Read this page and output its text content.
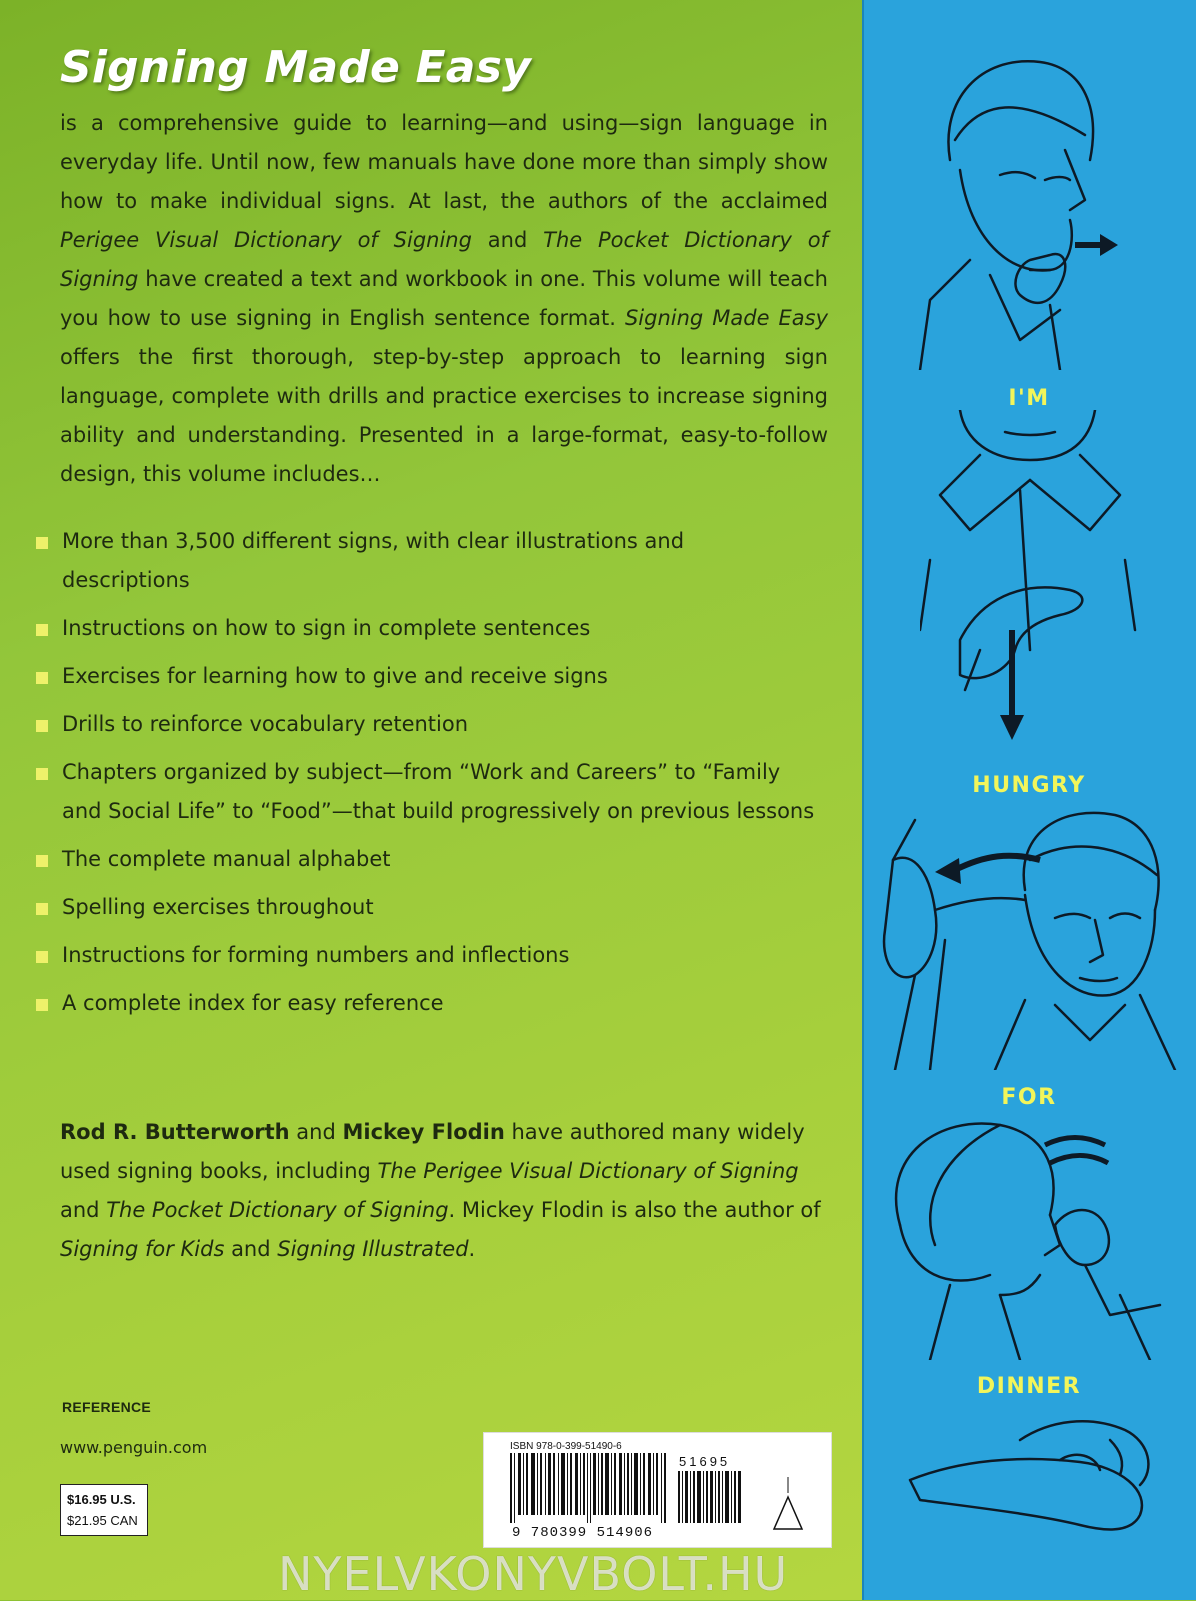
Signing Made Easy

is a comprehensive guide to learning—and using—sign language in everyday life. Until now, few manuals have done more than simply show how to make individual signs. At last, the authors of the acclaimed Perigee Visual Dictionary of Signing and The Pocket Dictionary of Signing have created a text and workbook in one. This volume will teach you how to use signing in English sentence format. Signing Made Easy offers the first thorough, step-by-step approach to learning sign language, complete with drills and practice exercises to increase signing ability and understanding. Presented in a large-format, easy-to-follow design, this volume includes…

More than 3,500 different signs, with clear illustrations and descriptions
Instructions on how to sign in complete sentences
Exercises for learning how to give and receive signs
Drills to reinforce vocabulary retention
Chapters organized by subject—from “Work and Careers” to “Family and Social Life” to “Food”—that build progressively on previous lessons
The complete manual alphabet
Spelling exercises throughout
Instructions for forming numbers and inflections
A complete index for easy reference

Rod R. Butterworth and Mickey Flodin have authored many widely used signing books, including The Perigee Visual Dictionary of Signing and The Pocket Dictionary of Signing. Mickey Flodin is also the author of Signing for Kids and Signing Illustrated.

REFERENCE
www.penguin.com
$16.95 U.S.
$21.95 CAN
ISBN 978-0-399-51490-6
51695
9 780399 514906
I'M
HUNGRY
FOR
DINNER
NYELVKONYVBOLT.HU
